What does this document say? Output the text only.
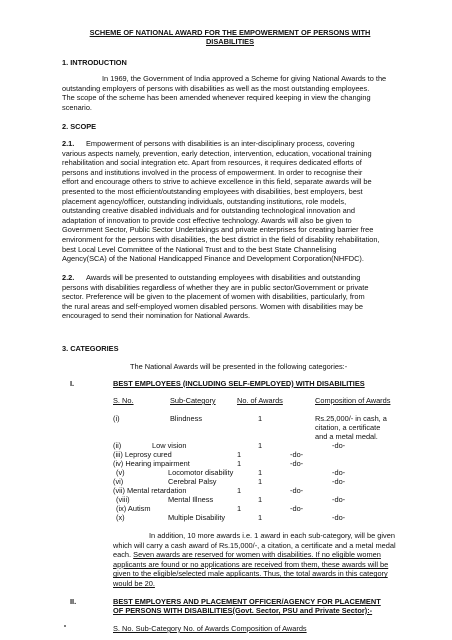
SCHEME OF NATIONAL AWARD FOR THE EMPOWERMENT OF PERSONS WITH
DISABILITIES
1. INTRODUCTION
In 1969, the Government of India approved a Scheme for giving National Awards to the
outstanding employers of persons with disabilities as well as the most outstanding employees.
The scope of the scheme has been amended whenever required keeping in view the changing
scenario.
2. SCOPE
2.1.	Empowerment of persons with disabilities is an inter-disciplinary process, covering
various aspects namely, prevention, early detection, intervention, education, vocational training
rehabilitation and social integration etc. Apart from resources, it requires dedicated efforts of
persons and institutions involved in the process of empowerment. In order to recognise their
effort and encourage others to strive to achieve excellence in this field, separate awards will be
presented to the most efficient/outstanding employees with disabilities, best employers, best
placement agency/officer, outstanding individuals, outstanding institutions, role models,
outstanding creative disabled individuals and for outstanding technological innovation and
adaptation of innovation to provide cost effective technology. Awards will also be given to
Government Sector, Public Sector Undertakings and private enterprises for creating barrier free
environment for the persons with disabilities, the best district in the field of disability rehabilitation,
best Local Level Committee of the National Trust and to the best State Channelising
Agency(SCA) of the National Handicapped Finance and Development Corporation(NHFDC).
2.2.	Awards will be presented to outstanding employees with disabilities and outstanding
persons with disabilities regardless of whether they are in public sector/Government or private
sector. Preference will be given to the placement of women with disabilities, particularly, from
the rural areas and self-employed women disabled persons. Women with disabilities may be
encouraged to send their nomination for National Awards.
3. CATEGORIES
The National Awards will be presented in the following categories:-
I.	BEST EMPLOYEES (INCLUDING SELF-EMPLOYED) WITH DISABILITIES
S. No.	Sub-Category	No. of Awards	Composition of Awards
(i)	Blindness	1	Rs.25,000/- in cash, a
citation, a certificate
and a metal medal.
(ii)	Low vision	1	-do-
(iii) Leprosy cured	1	-do-
(iv) Hearing impairment	1	-do-
(v)	Locomotor disability	1	-do-
(vi)	Cerebral Palsy	1	-do-
(vii) Mental retardation	1	-do-
(viii)	Mental Illness	1	-do-
(ix) Autism	1	-do-
(x)	Multiple Disability	1	-do-
In addition, 10 more awards i.e. 1 award in each sub-category, will be given
which will carry a cash award of Rs.15,000/-, a citation, a certificate and a metal medal
each. Seven awards are reserved for women with disabilities. If no eligible women
applicants are found or no applications are received from them, these awards will be
given to the eligible/selected male applicants. Thus, the total awards in this category
would be 20.
II.	BEST EMPLOYERS AND PLACEMENT OFFICER/AGENCY FOR PLACEMENT
OF PERSONS WITH DISABILITIES(Govt. Sector, PSU and Private Sector):-
S. No. Sub-Category No. of Awards Composition of Awards
